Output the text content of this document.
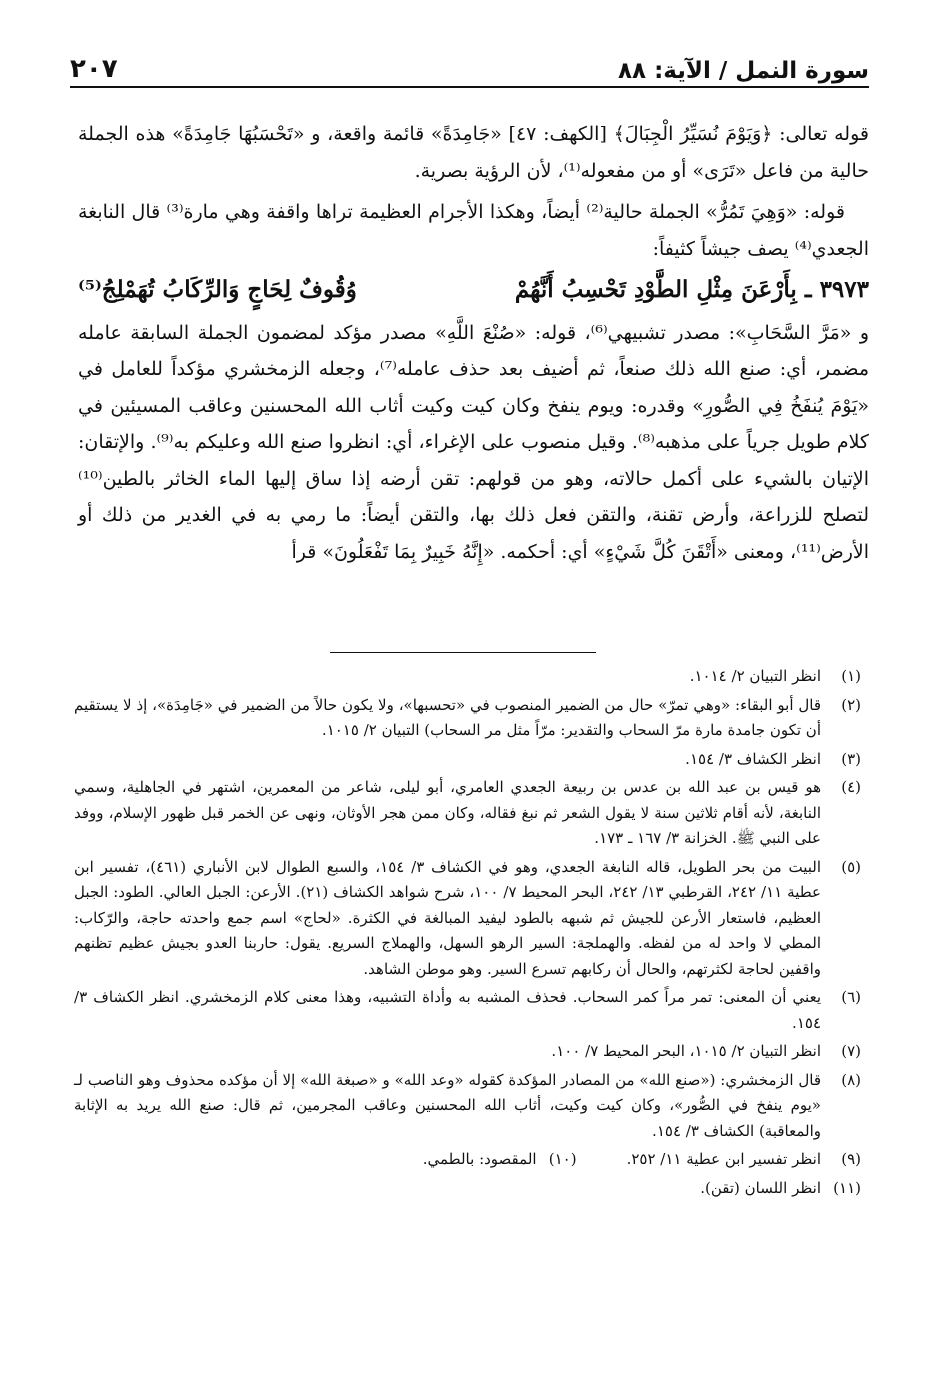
سورة النمل / الآية: ٨٨
٢٠٧

قوله تعالى: ﴿وَيَوْمَ نُسَيِّرُ الْجِبَالَ﴾ [الكهف: ٤٧] «جَامِدَةً» قائمة واقعة، و «تَحْسَبُهَا جَامِدَةً» هذه الجملة حالية من فاعل «تَرَى» أو من مفعوله⁽¹⁾، لأن الرؤية بصرية.

قوله: «وَهِيَ تَمُرُّ» الجملة حالية⁽²⁾ أيضاً، وهكذا الأجرام العظيمة تراها واقفة وهي مارة⁽³⁾ قال النابغة الجعدي⁽⁴⁾ يصف جيشاً كثيفاً:

٣٩٧٣ ـ بِأَرْعَنَ مِثْلِ الطَّوْدِ تَحْسِبُ أَنَّهُمْ
وُقُوفٌ لِحَاجٍ وَالرِّكَابُ تُهَمْلِجُ⁽⁵⁾

و «مَرَّ السَّحَابِ»: مصدر تشبيهي⁽⁶⁾، قوله: «صُنْعَ اللَّهِ» مصدر مؤكد لمضمون الجملة السابقة عامله مضمر، أي: صنع الله ذلك صنعاً، ثم أضيف بعد حذف عامله⁽⁷⁾، وجعله الزمخشري مؤكداً للعامل في «يَوْمَ يُنفَخُ فِي الصُّورِ» وقدره: ويوم ينفخ وكان كيت وكيت أثاب الله المحسنين وعاقب المسيئين في كلام طويل جرياً على مذهبه⁽⁸⁾. وقيل منصوب على الإغراء، أي: انظروا صنع الله وعليكم به⁽⁹⁾. والإتقان: الإتيان بالشيء على أكمل حالاته، وهو من قولهم: تقن أرضه إذا ساق إليها الماء الخاثر بالطين⁽¹⁰⁾ لتصلح للزراعة، وأرض تقنة، والتقن فعل ذلك بها، والتقن أيضاً: ما رمي به في الغدير من ذلك أو الأرض⁽¹¹⁾، ومعنى «أَتْقَنَ كُلَّ شَيْءٍ» أي: أحكمه. «إِنَّهُ خَبِيرٌ بِمَا تَفْعَلُونَ» قرأ

(١)
انظر التبيان ٢/ ١٠١٤.
(٢)
قال أبو البقاء: «وهي تمرّ» حال من الضمير المنصوب في «تحسبها»، ولا يكون حالاً من الضمير في «جَامِدَة»، إذ لا يستقيم أن تكون جامدة مارة مرّ السحاب والتقدير: مرّاً مثل مر السحاب) التبيان ٢/ ١٠١٥.
(٣)
انظر الكشاف ٣/ ١٥٤.
(٤)
هو قيس بن عبد الله بن عدس بن ربيعة الجعدي العامري، أبو ليلى، شاعر من المعمرين، اشتهر في الجاهلية، وسمي النابغة، لأنه أقام ثلاثين سنة لا يقول الشعر ثم نبغ فقاله، وكان ممن هجر الأوثان، ونهى عن الخمر قبل ظهور الإسلام، ووفد على النبي ﷺ. الخزانة ٣/ ١٦٧ ـ ١٧٣.
(٥)
البيت من بحر الطويل، قاله النابغة الجعدي، وهو في الكشاف ٣/ ١٥٤، والسبع الطوال لابن الأنباري (٤٦١)، تفسير ابن عطية ١١/ ٢٤٢، القرطبي ١٣/ ٢٤٢، البحر المحيط ٧/ ١٠٠، شرح شواهد الكشاف (٢١). الأرعن: الجبل العالي. الطود: الجبل العظيم، فاستعار الأرعن للجيش ثم شبهه بالطود ليفيد المبالغة في الكثرة. «لحاج» اسم جمع واحدته حاجة، والرّكاب: المطي لا واحد له من لفظه. والهملجة: السير الرهو السهل، والهملاج السريع. يقول: حاربنا العدو بجيش عظيم تظنهم واقفين لحاجة لكثرتهم، والحال أن ركابهم تسرع السير. وهو موطن الشاهد.
(٦)
يعني أن المعنى: تمر مراً كمر السحاب. فحذف المشبه به وأداة التشبيه، وهذا معنى كلام الزمخشري. انظر الكشاف ٣/ ١٥٤.
(٧)
انظر التبيان ٢/ ١٠١٥، البحر المحيط ٧/ ١٠٠.
(٨)
قال الزمخشري: («صنع الله» من المصادر المؤكدة كقوله «وعد الله» و «صبغة الله» إلا أن مؤكده محذوف وهو الناصب لـ «يوم ينفخ في الصُّور»، وكان كيت وكيت، أثاب الله المحسنين وعاقب المجرمين، ثم قال: صنع الله يريد به الإثابة والمعاقبة) الكشاف ٣/ ١٥٤.
(٩)
انظر تفسير ابن عطية ١١/ ٢٥٢.
(١٠)
المقصود: بالطمي.
(١١)
انظر اللسان (تقن).
